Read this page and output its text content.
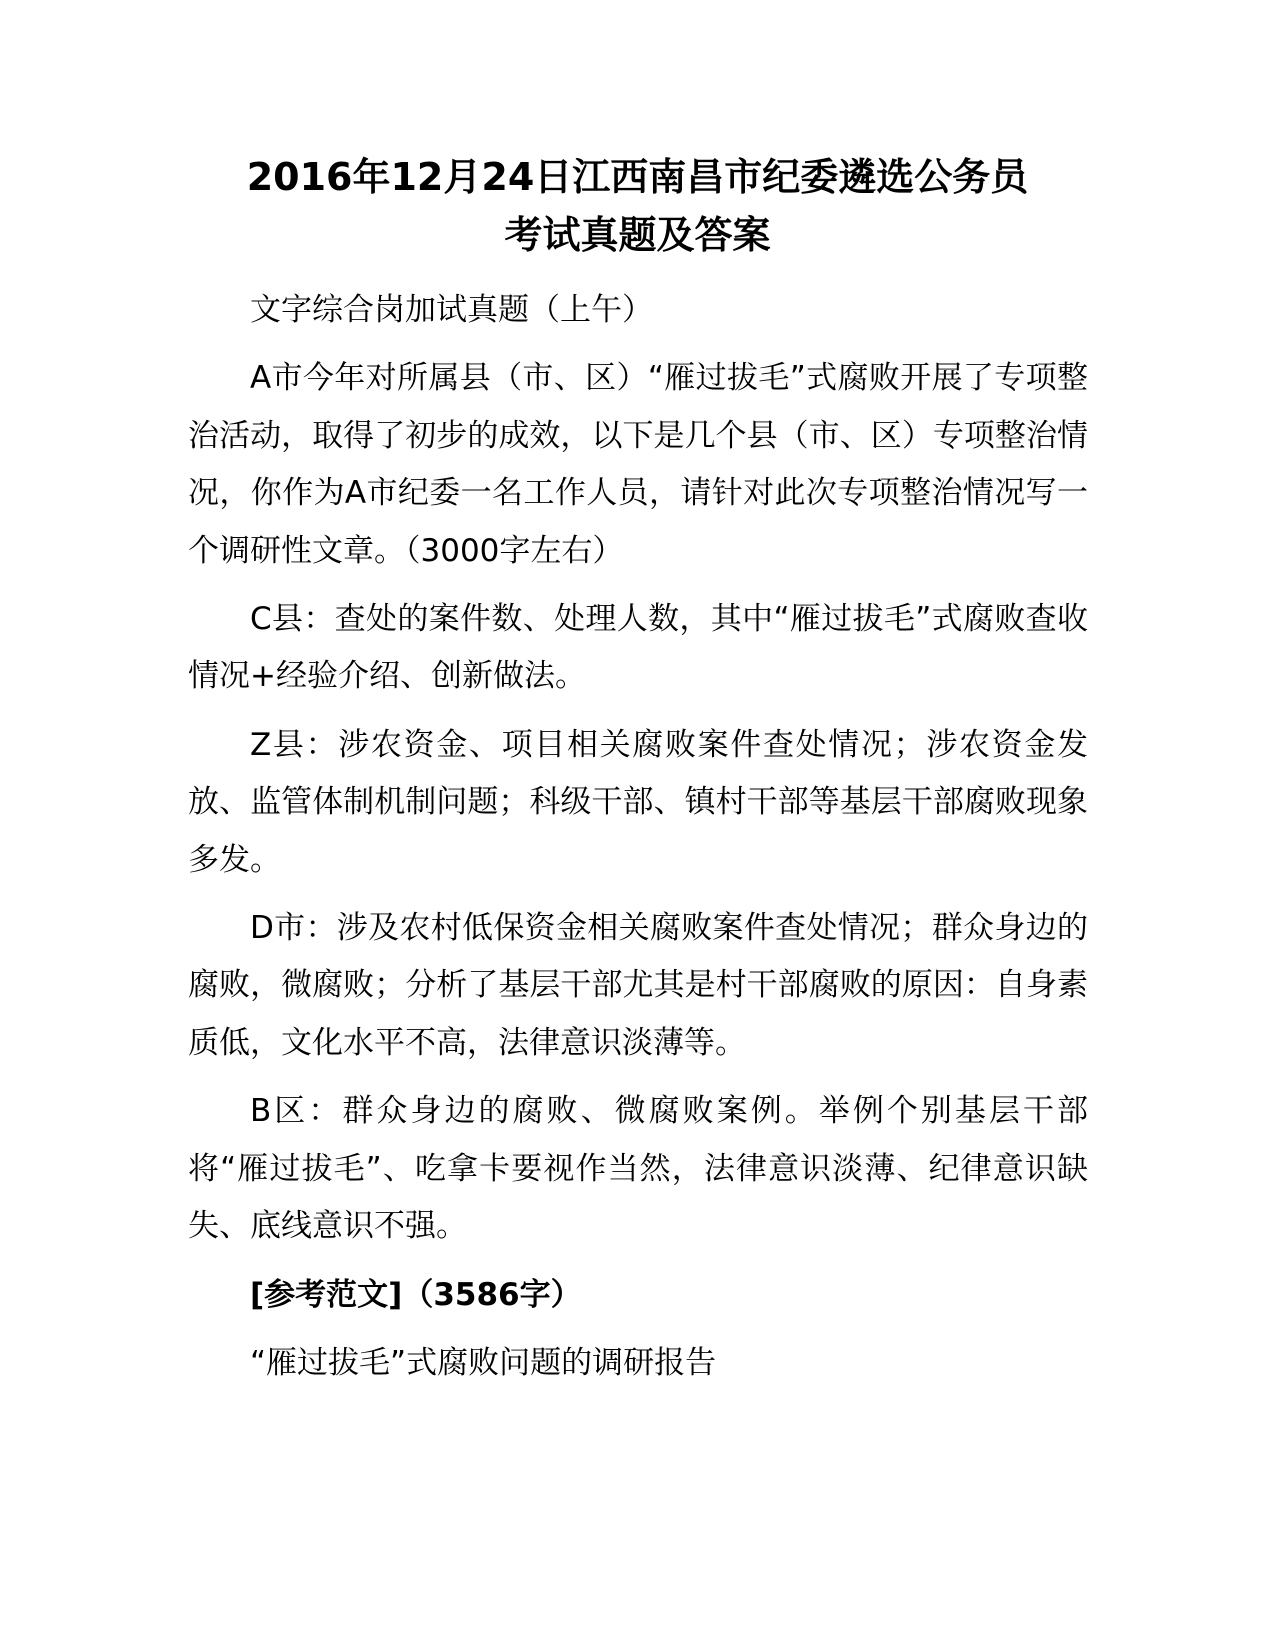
2016年12月24日江西南昌市纪委遴选公务员
考试真题及答案

文字综合岗加试真题（上午）

A市今年对所属县（市、区）“雁过拔毛”式腐败开展了专项整治活动，取得了初步的成效，以下是几个县（市、区）专项整治情况，你作为A市纪委一名工作人员，请针对此次专项整治情况写一个调研性文章。（3000字左右）

C县：查处的案件数、处理人数，其中“雁过拔毛”式腐败查收情况+经验介绍、创新做法。

Z县：涉农资金、项目相关腐败案件查处情况；涉农资金发放、监管体制机制问题；科级干部、镇村干部等基层干部腐败现象多发。

D市：涉及农村低保资金相关腐败案件查处情况；群众身边的腐败，微腐败；分析了基层干部尤其是村干部腐败的原因：自身素质低，文化水平不高，法律意识淡薄等。

B区：群众身边的腐败、微腐败案例。举例个别基层干部将“雁过拔毛”、吃拿卡要视作当然，法律意识淡薄、纪律意识缺失、底线意识不强。

[参考范文]（3586字）

“雁过拔毛”式腐败问题的调研报告
